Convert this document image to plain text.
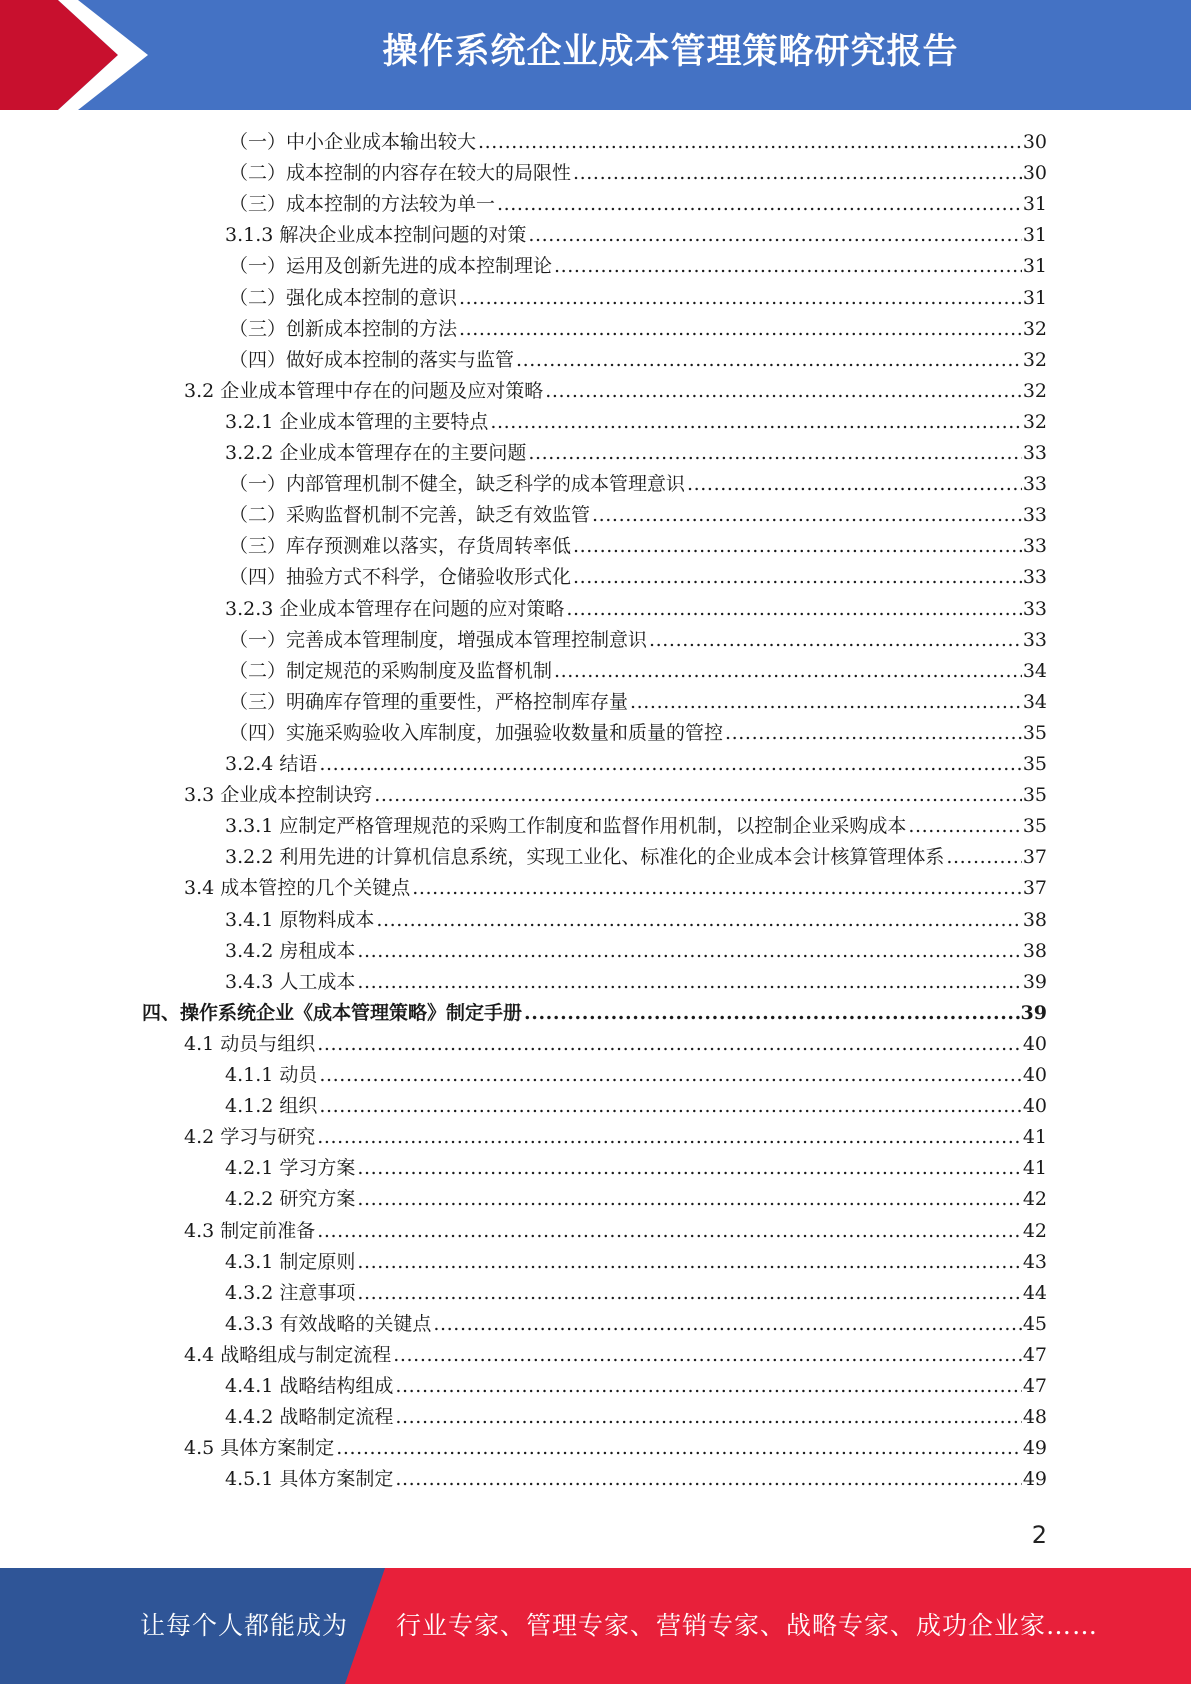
操作系统企业成本管理策略研究报告
（一）中小企业成本输出较大 .....	30
（二）成本控制的内容存在较大的局限性 .....	30
（三）成本控制的方法较为单一 .....	31
3.1.3 解决企业成本控制问题的对策 .....	31
（一）运用及创新先进的成本控制理论 .....	31
（二）强化成本控制的意识 .....	31
（三）创新成本控制的方法 .....	32
（四）做好成本控制的落实与监管 .....	32
3.2 企业成本管理中存在的问题及应对策略 .....	32
3.2.1 企业成本管理的主要特点 .....	32
3.2.2 企业成本管理存在的主要问题 .....	33
（一）内部管理机制不健全，缺乏科学的成本管理意识 .....	33
（二）采购监督机制不完善，缺乏有效监管 .....	33
（三）库存预测难以落实，存货周转率低 .....	33
（四）抽验方式不科学，仓储验收形式化 .....	33
3.2.3 企业成本管理存在问题的应对策略 .....	33
（一）完善成本管理制度，增强成本管理控制意识 .....	33
（二）制定规范的采购制度及监督机制 .....	34
（三）明确库存管理的重要性，严格控制库存量 .....	34
（四）实施采购验收入库制度，加强验收数量和质量的管控 .....	35
3.2.4 结语 .....	35
3.3 企业成本控制诀窍 .....	35
3.3.1 应制定严格管理规范的采购工作制度和监督作用机制，以控制企业采购成本 .....	35
3.2.2 利用先进的计算机信息系统，实现工业化、标准化的企业成本会计核算管理体系 .....	37
3.4 成本管控的几个关键点 .....	37
3.4.1 原物料成本 .....	38
3.4.2 房租成本 .....	38
3.4.3 人工成本 .....	39
四、操作系统企业《成本管理策略》制定手册 .....	39
4.1 动员与组织 .....	40
4.1.1 动员 .....	40
4.1.2 组织 .....	40
4.2 学习与研究 .....	41
4.2.1 学习方案 .....	41
4.2.2 研究方案 .....	42
4.3 制定前准备 .....	42
4.3.1 制定原则 .....	43
4.3.2 注意事项 .....	44
4.3.3 有效战略的关键点 .....	45
4.4 战略组成与制定流程 .....	47
4.4.1 战略结构组成 .....	47
4.4.2 战略制定流程 .....	48
4.5 具体方案制定 .....	49
4.5.1 具体方案制定 .....	49
2
让每个人都能成为 行业专家、管理专家、营销专家、战略专家、成功企业家……
